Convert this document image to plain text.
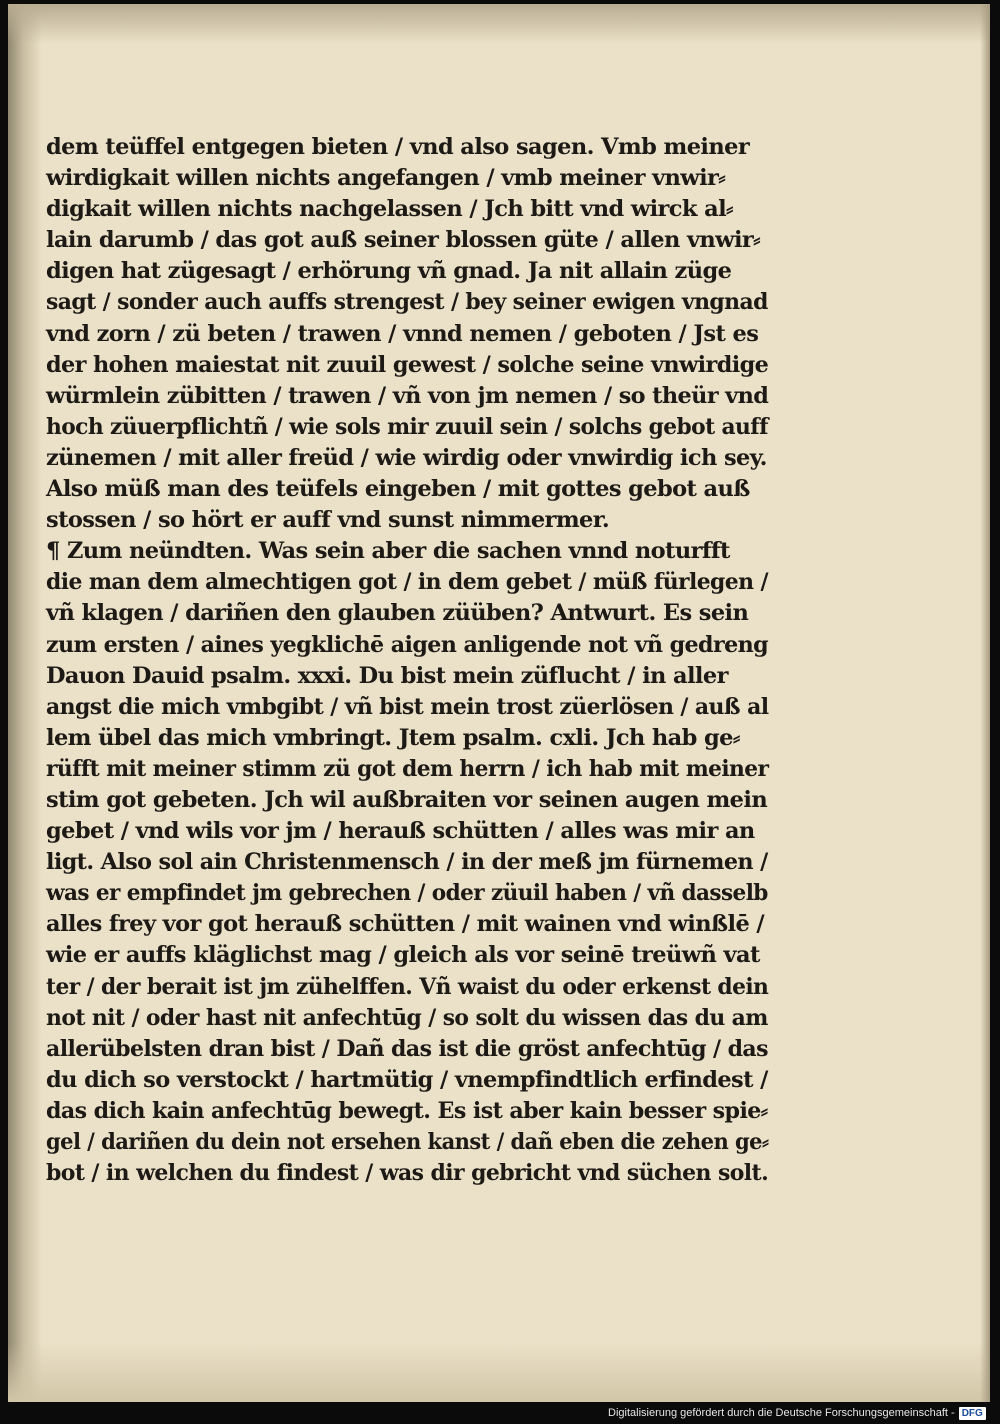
dem teüffel entgegen bieten / vnd also sagen. Vmb meiner
wirdigkait willen nichts angefangen / vmb meiner vnwir⸗
digkait willen nichts nachgelassen / Jch bitt vnd wirck al⸗
lain darumb / das got auß seiner blossen güte / allen vnwir⸗
digen hat zügesagt / erhörung vñ gnad. Ja nit allain züge
sagt / sonder auch auffs strengest / bey seiner ewigen vngnad
vnd zorn / zü beten / trawen / vnnd nemen / geboten / Jst es
der hohen maiestat nit zuuil gewest / solche seine vnwirdige
würmlein zübitten / trawen / vñ von jm nemen / so theür vnd
hoch züuerpflichtñ / wie sols mir zuuil sein / solchs gebot auff
zünemen / mit aller freüd / wie wirdig oder vnwirdig ich sey.
Also müß man des teüfels eingeben / mit gottes gebot auß
stossen / so hört er auff vnd sunst nimmermer.
¶ Zum neündten. Was sein aber die sachen vnnd noturfft
die man dem almechtigen got / in dem gebet / müß fürlegen /
vñ klagen / dariñen den glauben züüben? Antwurt. Es sein
zum ersten / aines yegklichē aigen anligende not vñ gedreng
Dauon Dauid psalm. xxxi. Du bist mein züflucht / in aller
angst die mich vmbgibt / vñ bist mein trost züerlösen / auß al
lem übel das mich vmbringt. Jtem psalm. cxli. Jch hab ge⸗
rüfft mit meiner stimm zü got dem herrn / ich hab mit meiner
stim got gebeten. Jch wil außbraiten vor seinen augen mein
gebet / vnd wils vor jm / herauß schütten / alles was mir an
ligt. Also sol ain Christenmensch / in der meß jm fürnemen /
was er empfindet jm gebrechen / oder züuil haben / vñ dasselb
alles frey vor got herauß schütten / mit wainen vnd winßlē /
wie er auffs kläglichst mag / gleich als vor seinē treüwñ vat
ter / der berait ist jm zühelffen. Vñ waist du oder erkenst dein
not nit / oder hast nit anfechtūg / so solt du wissen das du am
allerübelsten dran bist / Dañ das ist die gröst anfechtūg / das
du dich so verstockt / hartmütig / vnempfindtlich erfindest /
das dich kain anfechtūg bewegt. Es ist aber kain besser spie⸗
gel / dariñen du dein not ersehen kanst / dañ eben die zehen ge⸗
bot / in welchen du findest / was dir gebricht vnd süchen solt.
Digitalisierung gefördert durch die Deutsche Forschungsgemeinschaft - DFG
